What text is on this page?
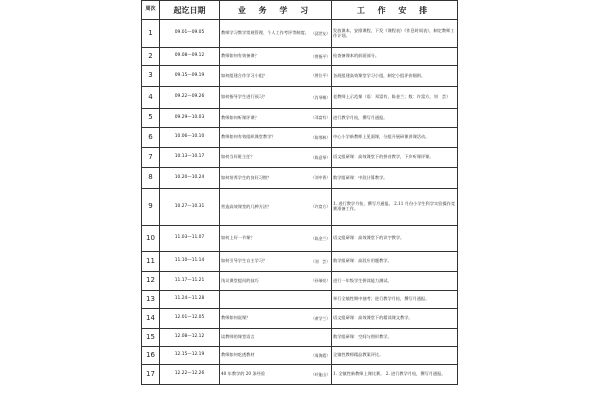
周次	起讫日期	业 务 学 习	工 作 安 排
1	09.01—09.05	教师学习教学常规管理、个人工作考评等制度。 （邱世友）	发放课本，安排课程，下发《课程表》《作息时间表》，制定教师工作计划。
2	09.08—09.12	教师如何有效备课？ （曾指平）	检查备课本的前面部分。
3	09.15—09.19	如何组建合作学习小组？ （曾位平）	各班组建高效课堂学习小组，制定小组评价细则。
4	09.22—09.26	如何指导学生进行预习？ （肖琴梅）	老教师上示范课（语：邓富有，陈金兰；数：许富方，刘　芸）
5	09.29—10.03	教师如何听课评课？ （邓富有）	进行教学月检，撰写月通报。
6	10.06—10.10	教师如何有效组织课堂教学？ （陈鄂林）	中心小学新教师上见面课，分组开展研课讲课活动。
7	10.13—10.17	如何当好班主任？ （陈意琴）	语文组研课：高效课堂下的拼音教学，下乡听课评课。
8	10.20—10.24	如何培养学生的良好习惯？ （刘中香）	数学组研课：中段计算教学。
9	10.27—10.31	营造高效课堂的几种方法？ （许富方）	1. 进行教学月检，撰写月通报。 2.11 月份小学生科学实验操作竞赛准备工作。
10	11.03—11.07	如何上好一节课？ （陈金兰）	语文组研课：高效课堂下的识字教学。
11	11.10—11.14	如何引导学生自主学习？ （刘　芸）	数学组研课：高段应用题教学。
12	11.17—11.21	浅议课堂提问的技巧 （孙瑞亮）	进行一年级学生拼读能力测试。
13	11.24—11.28		举行全镇性期中抽考；进行教学月检，撰写月通报。
14	12.01—12.05	教师如何说课？ （黄学兰）	语文组研课：高效课堂下的精读课文教学。
15	12.08—12.12	谈教师的课堂语言	数学组研课：空间与图形教学。
16	12.15—12.19	教师如何吃透教材 （周海霞）	全镇性教师精品教案评比。
17	12.22—12.26	40 年教学的 20 条经验 （叶能山）	1. 全镇性新教师上课比赛。 2. 进行教学月检，撰写月通报。
